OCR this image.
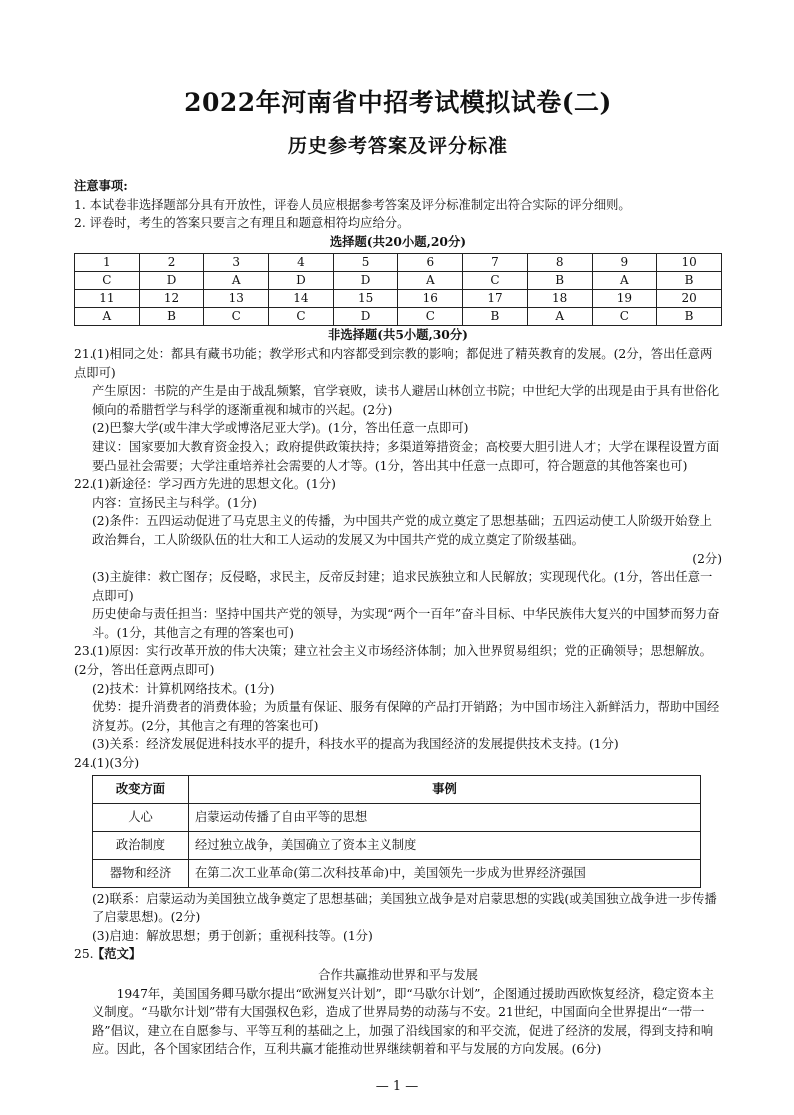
2022年河南省中招考试模拟试卷(二)
历史参考答案及评分标准

注意事项:

1. 本试卷非选择题部分具有开放性，评卷人员应根据参考答案及评分标准制定出符合实际的评分细则。

2. 评卷时，考生的答案只要言之有理且和题意相符均应给分。

选择题(共20小题,20分)

1	2	3	4	5	6	7	8	9	10
C	D	A	D	D	A	C	B	A	B
11	12	13	14	15	16	17	18	19	20
A	B	C	C	D	C	B	A	C	B

非选择题(共5小题,30分)

21.(1)相同之处：都具有藏书功能；教学形式和内容都受到宗教的影响；都促进了精英教育的发展。(2分，答出任意两点即可)

产生原因：书院的产生是由于战乱频繁，官学衰败，读书人避居山林创立书院；中世纪大学的出现是由于具有世俗化倾向的希腊哲学与科学的逐渐重视和城市的兴起。(2分)

(2)巴黎大学(或牛津大学或博洛尼亚大学)。(1分，答出任意一点即可)

建议：国家要加大教育资金投入；政府提供政策扶持；多渠道筹措资金；高校要大胆引进人才；大学在课程设置方面要凸显社会需要；大学注重培养社会需要的人才等。(1分，答出其中任意一点即可，符合题意的其他答案也可)

22.(1)新途径：学习西方先进的思想文化。(1分)

内容：宣扬民主与科学。(1分)

(2)条件：五四运动促进了马克思主义的传播，为中国共产党的成立奠定了思想基础；五四运动使工人阶级开始登上政治舞台，工人阶级队伍的壮大和工人运动的发展又为中国共产党的成立奠定了阶级基础。

(2分)

(3)主旋律：救亡图存；反侵略，求民主，反帝反封建；追求民族独立和人民解放；实现现代化。(1分，答出任意一点即可)

历史使命与责任担当：坚持中国共产党的领导，为实现“两个一百年”奋斗目标、中华民族伟大复兴的中国梦而努力奋斗。(1分，其他言之有理的答案也可)

23.(1)原因：实行改革开放的伟大决策；建立社会主义市场经济体制；加入世界贸易组织；党的正确领导；思想解放。(2分，答出任意两点即可)

(2)技术：计算机网络技术。(1分)

优势：提升消费者的消费体验；为质量有保证、服务有保障的产品打开销路；为中国市场注入新鲜活力，帮助中国经济复苏。(2分，其他言之有理的答案也可)

(3)关系：经济发展促进科技水平的提升，科技水平的提高为我国经济的发展提供技术支持。(1分)

24.(1)(3分)

改变方面	事例
人心	启蒙运动传播了自由平等的思想
政治制度	经过独立战争，美国确立了资本主义制度
器物和经济	在第二次工业革命(第二次科技革命)中，美国领先一步成为世界经济强国

(2)联系：启蒙运动为美国独立战争奠定了思想基础；美国独立战争是对启蒙思想的实践(或美国独立战争进一步传播了启蒙思想)。(2分)

(3)启迪：解放思想；勇于创新；重视科技等。(1分)

25.【范文】

合作共赢推动世界和平与发展

1947年，美国国务卿马歇尔提出“欧洲复兴计划”，即“马歇尔计划”，企图通过援助西欧恢复经济，稳定资本主义制度。“马歇尔计划”带有大国强权色彩，造成了世界局势的动荡与不安。21世纪，中国面向全世界提出“一带一路”倡议，建立在自愿参与、平等互利的基础之上，加强了沿线国家的和平交流，促进了经济的发展，得到支持和响应。因此，各个国家团结合作，互利共赢才能推动世界继续朝着和平与发展的方向发展。(6分)

— 1 —
